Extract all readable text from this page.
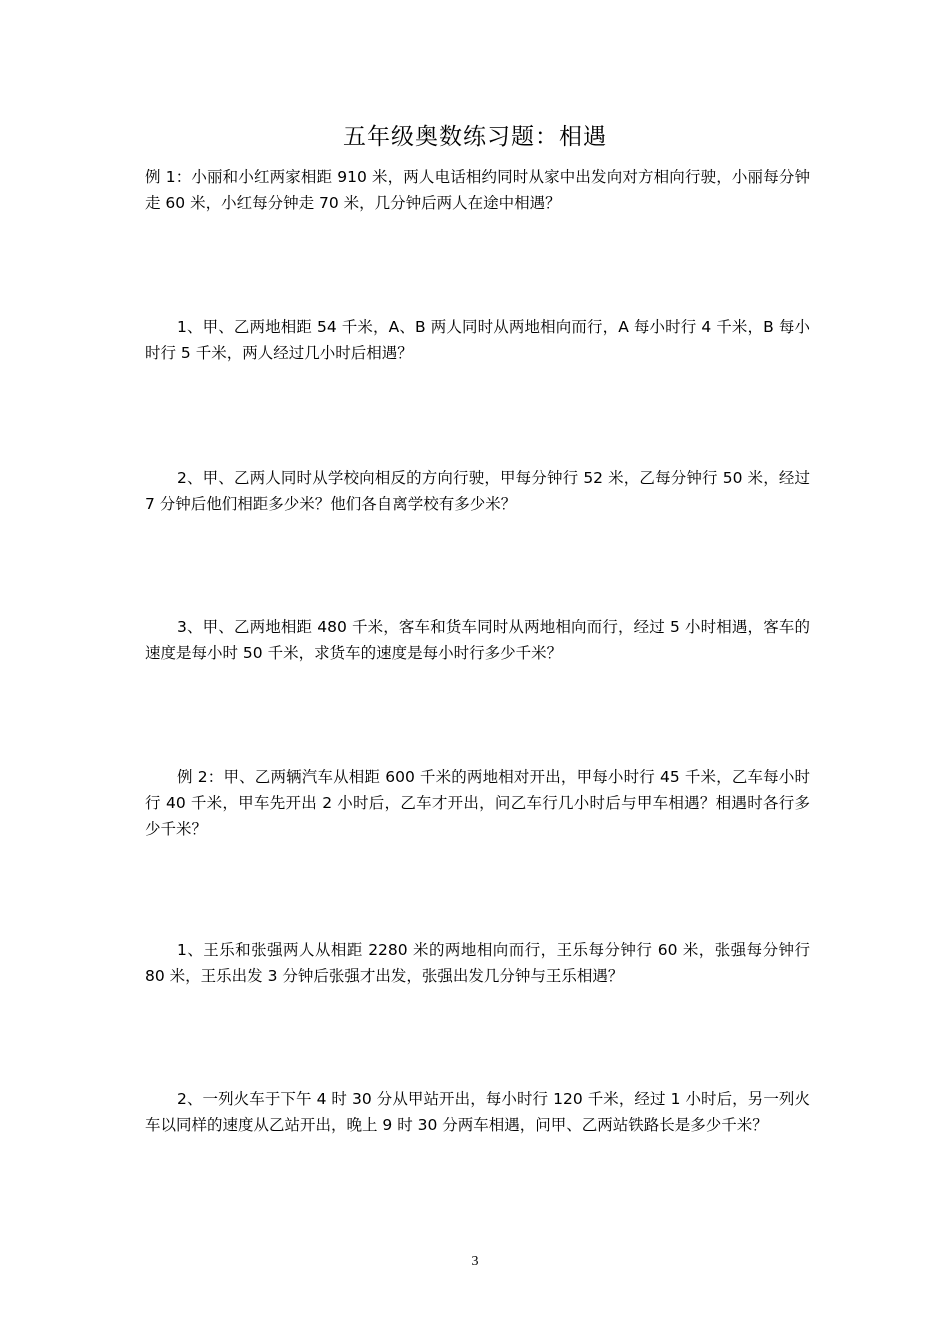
五年级奥数练习题：相遇
例 1：小丽和小红两家相距 910 米，两人电话相约同时从家中出发向对方相向行驶，小丽每分钟走 60 米，小红每分钟走 70 米，几分钟后两人在途中相遇？
1、甲、乙两地相距 54 千米，A、B 两人同时从两地相向而行，A 每小时行 4 千米，B 每小时行 5 千米，两人经过几小时后相遇？
2、甲、乙两人同时从学校向相反的方向行驶，甲每分钟行 52 米，乙每分钟行 50 米，经过 7 分钟后他们相距多少米？他们各自离学校有多少米？
3、甲、乙两地相距 480 千米，客车和货车同时从两地相向而行，经过 5 小时相遇，客车的速度是每小时 50 千米，求货车的速度是每小时行多少千米？
例 2：甲、乙两辆汽车从相距 600 千米的两地相对开出，甲每小时行 45 千米，乙车每小时行 40 千米，甲车先开出 2 小时后，乙车才开出，问乙车行几小时后与甲车相遇？相遇时各行多少千米？
1、王乐和张强两人从相距 2280 米的两地相向而行，王乐每分钟行 60 米，张强每分钟行 80 米，王乐出发 3 分钟后张强才出发，张强出发几分钟与王乐相遇？
2、一列火车于下午 4 时 30 分从甲站开出，每小时行 120 千米，经过 1 小时后，另一列火车以同样的速度从乙站开出，晚上 9 时 30 分两车相遇，问甲、乙两站铁路长是多少千米？
3
